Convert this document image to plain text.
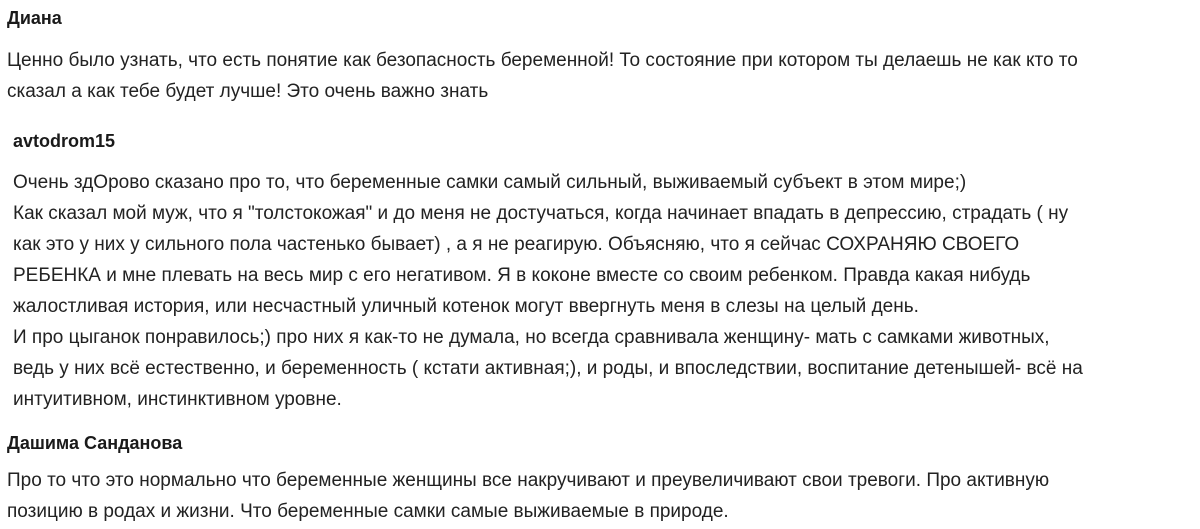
Диана
Ценно было узнать, что есть понятие как безопасность беременной! То состояние при котором ты делаешь не как кто то
сказал а как тебе будет лучше! Это очень важно знать
avtodrom15
Очень здОрово сказано про то, что беременные самки самый сильный, выживаемый субъект в этом мире;)
Как сказал мой муж, что я "толстокожая" и до меня не достучаться, когда начинает впадать в депрессию, страдать ( ну
как это у них у сильного пола частенько бывает) , а я не реагирую. Объясняю, что я сейчас СОХРАНЯЮ СВОЕГО
РЕБЕНКА и мне плевать на весь мир с его негативом. Я в коконе вместе со своим ребенком. Правда какая нибудь
жалостливая история, или несчастный уличный котенок могут ввергнуть меня в слезы на целый день.
И про цыганок понравилось;) про них я как-то не думала, но всегда сравнивала женщину- мать с самками животных,
ведь у них всё естественно, и беременность ( кстати активная;), и роды, и впоследствии, воспитание детенышей- всё на
интуитивном, инстинктивном уровне.
Дашима Санданова
Про то что это нормально что беременные женщины все накручивают и преувеличивают свои тревоги. Про активную
позицию в родах и жизни. Что беременные самки самые выживаемые в природе.
